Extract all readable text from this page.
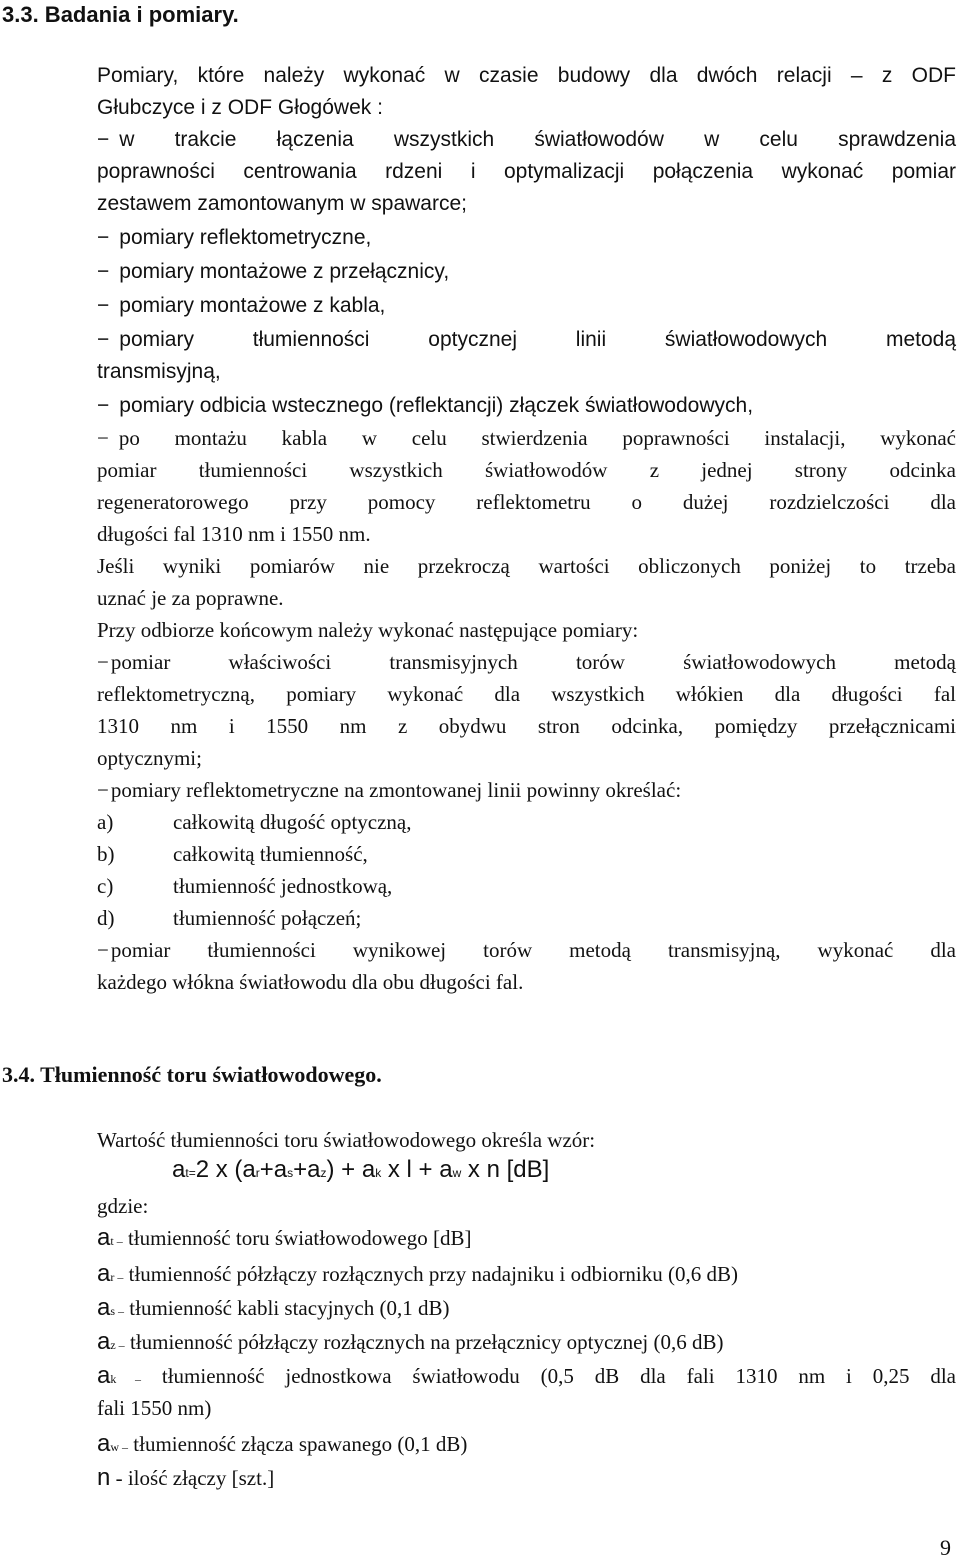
3.3. Badania i pomiary.
Pomiary, które należy wykonać w czasie budowy dla dwóch relacji – z ODF
Głubczyce i z ODF Głogówek :
− w trakcie łączenia wszystkich światłowodów w celu sprawdzenia
poprawności centrowania rdzeni i optymalizacji połączenia wykonać pomiar
zestawem zamontowanym w spawarce;
− pomiary reflektometryczne,
− pomiary montażowe z przełącznicy,
− pomiary montażowe z kabla,
− pomiary tłumienności optycznej linii światłowodowych metodą
transmisyjną,
− pomiary odbicia wstecznego (reflektancji) złączek światłowodowych,
− po montażu kabla w celu stwierdzenia poprawności instalacji, wykonać
pomiar tłumienności wszystkich światłowodów z jednej strony odcinka
regeneratorowego przy pomocy reflektometru o dużej rozdzielczości dla
długości fal 1310 nm i 1550 nm.
Jeśli wyniki pomiarów nie przekroczą wartości obliczonych poniżej to trzeba
uznać je za poprawne.
Przy odbiorze końcowym należy wykonać następujące pomiary:
− pomiar właściwości transmisyjnych torów światłowodowych metodą
reflektometryczną, pomiary wykonać dla wszystkich włókien dla długości fal
1310 nm i 1550 nm z obydwu stron odcinka, pomiędzy przełącznicami
optycznymi;
− pomiary reflektometryczne na zmontowanej linii powinny określać:
a)	całkowitą długość optyczną,
b)	całkowitą tłumienność,
c)	tłumienność jednostkową,
d)	tłumienność połączeń;
− pomiar tłumienności wynikowej torów metodą transmisyjną, wykonać dla
każdego włókna światłowodu dla obu długości fal.
3.4. Tłumienność toru światłowodowego.
Wartość tłumienności toru światłowodowego określa wzór:
at=2 x (ar+as+az) + ak x l + aw x n [dB]
gdzie:
at – tłumienność toru światłowodowego [dB]
ar – tłumienność półzłączy rozłącznych przy nadajniku i odbiorniku (0,6 dB)
as – tłumienność kabli stacyjnych (0,1 dB)
az – tłumienność półzłączy rozłącznych na przełącznicy optycznej (0,6 dB)
ak – tłumienność jednostkowa światłowodu (0,5 dB dla fali 1310 nm i 0,25 dla
fali 1550 nm)
aw – tłumienność złącza spawanego (0,1 dB)
n - ilość złączy [szt.]
9
